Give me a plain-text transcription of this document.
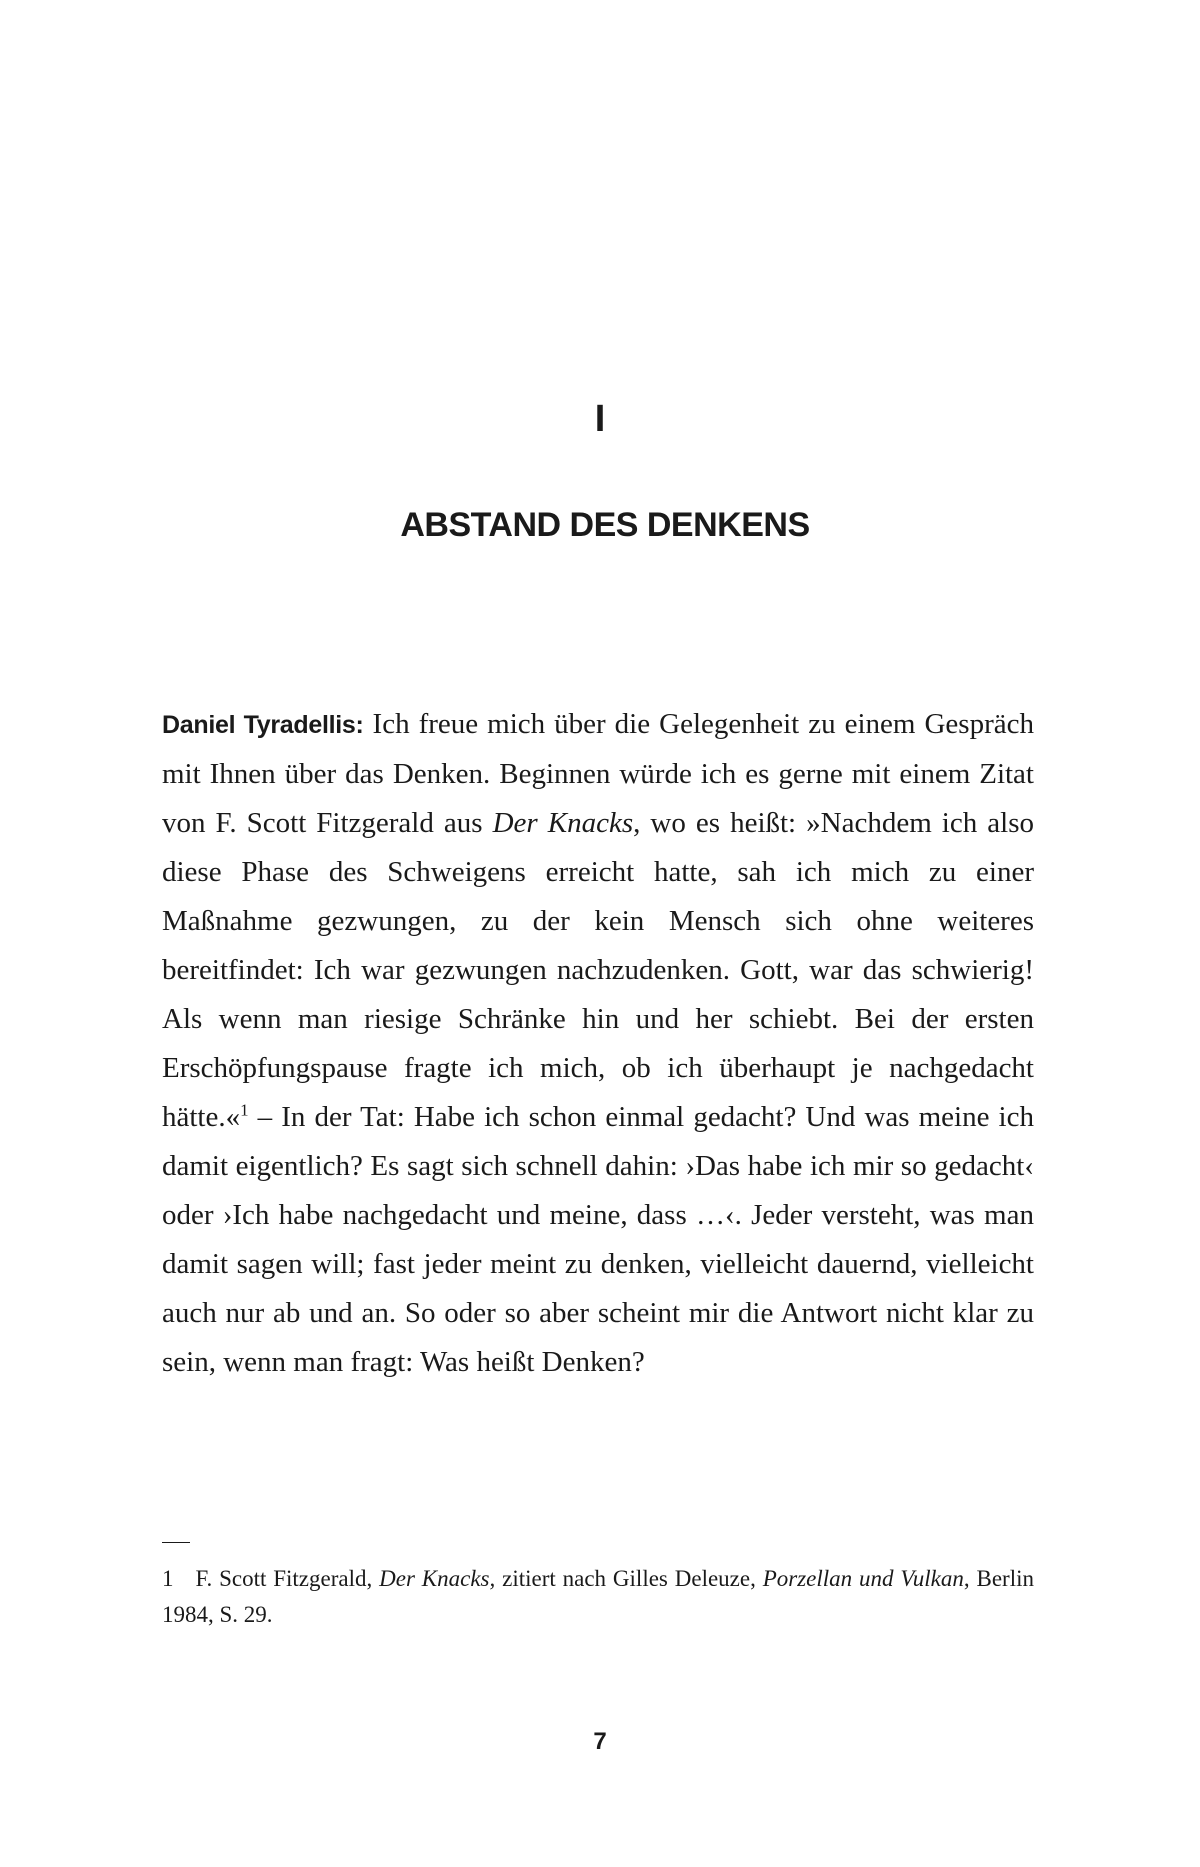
I
ABSTAND DES DENKENS

Daniel Tyradellis: Ich freue mich über die Gelegenheit zu einem Gespräch mit Ihnen über das Denken. Beginnen würde ich es gerne mit einem Zitat von F. Scott Fitzgerald aus Der Knacks, wo es heißt: »Nachdem ich also diese Phase des Schweigens erreicht hatte, sah ich mich zu einer Maßnahme gezwungen, zu der kein Mensch sich ohne weiteres bereitfindet: Ich war gezwungen nachzudenken. Gott, war das schwierig! Als wenn man riesige Schränke hin und her schiebt. Bei der ersten Erschöpfungspause fragte ich mich, ob ich überhaupt je nachgedacht hätte.«$^1$ – In der Tat: Habe ich schon einmal gedacht? Und was meine ich damit eigentlich? Es sagt sich schnell dahin: ›Das habe ich mir so gedacht‹ oder ›Ich habe nachgedacht und meine, dass …‹. Jeder versteht, was man damit sagen will; fast jeder meint zu denken, vielleicht dauernd, vielleicht auch nur ab und an. So oder so aber scheint mir die Antwort nicht klar zu sein, wenn man fragt: Was heißt Denken?

1 F. Scott Fitzgerald, Der Knacks, zitiert nach Gilles Deleuze, Porzellan und Vulkan, Berlin 1984, S. 29.

7
